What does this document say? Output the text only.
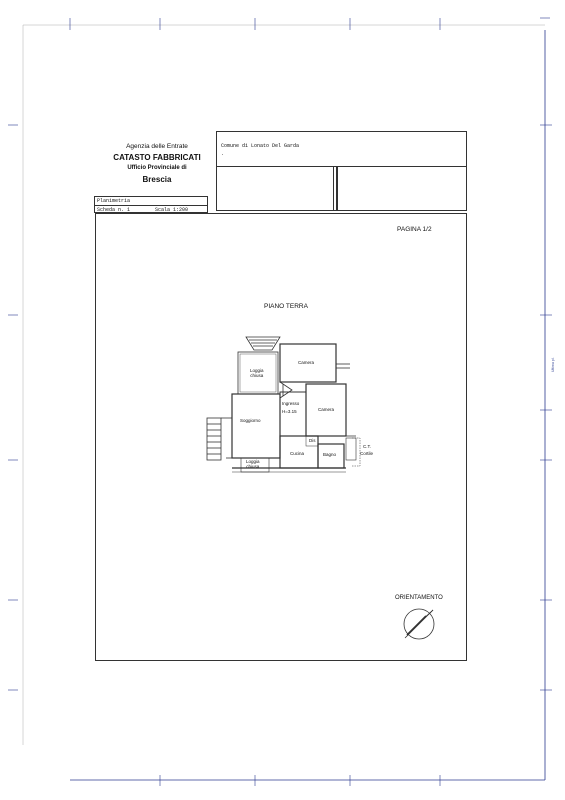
Ultima pl.
Agenzia delle Entrate
CATASTO FABBRICATI
Ufficio Provinciale di
Brescia
Comune di Lonato Del Garda
.
Planimetria
Scheda n. 1	Scala 1:200
PAGINA 1/2
PIANO TERRA
ORIENTAMENTO
Loggia
chiusa
Camera
Ingresso
H=3.15	Camera
Soggiorno
Dis
Cucina	Bagno
C.T.
Cortile
Loggia
chiusa
